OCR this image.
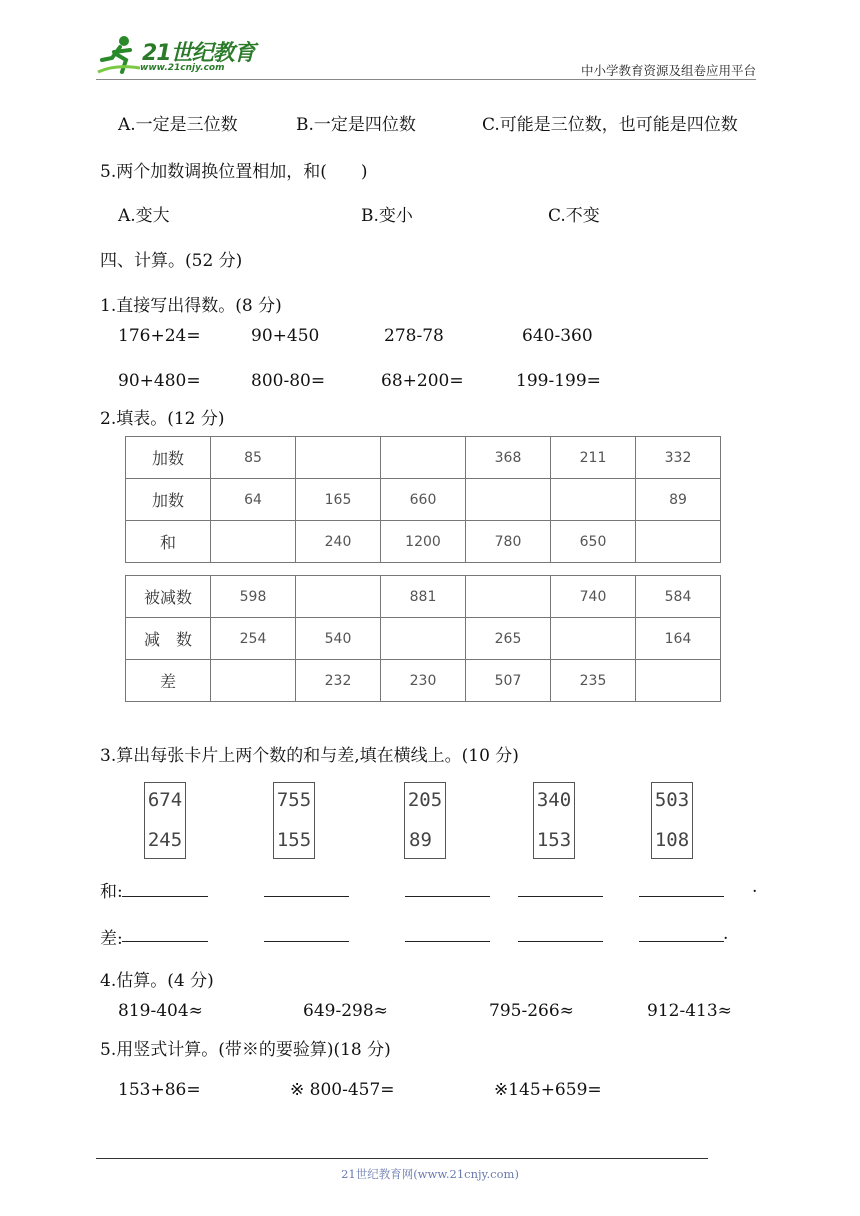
21世纪教育
www.21cnjy.com	中小学教育资源及组卷应用平台
A.一定是三位数	B.一定是四位数	C.可能是三位数，也可能是四位数
5.两个加数调换位置相加，和(　　)
A.变大	B.变小	C.不变
四、计算。(52 分)
1.直接写出得数。(8 分)
176+24=	90+450	278-78	640-360
90+480=	800-80=	68+200=	199-199=
2.填表。(12 分)
加数	85			368	211	332
加数	64	165	660			89
和		240	1200	780	650	
被减数	598		881		740	584
减　数	254	540		265		164
差		232	230	507	235	
3.算出每张卡片上两个数的和与差,填在横线上。(10 分)
674
245
755
155
205
89
340
153
503
108
和:	.
差:	.
4.估算。(4 分)
819-404≈	649-298≈	795-266≈	912-413≈
5.用竖式计算。(带※的要验算)(18 分)
153+86=	※ 800-457=	※145+659=
21世纪教育网(www.21cnjy.com)
